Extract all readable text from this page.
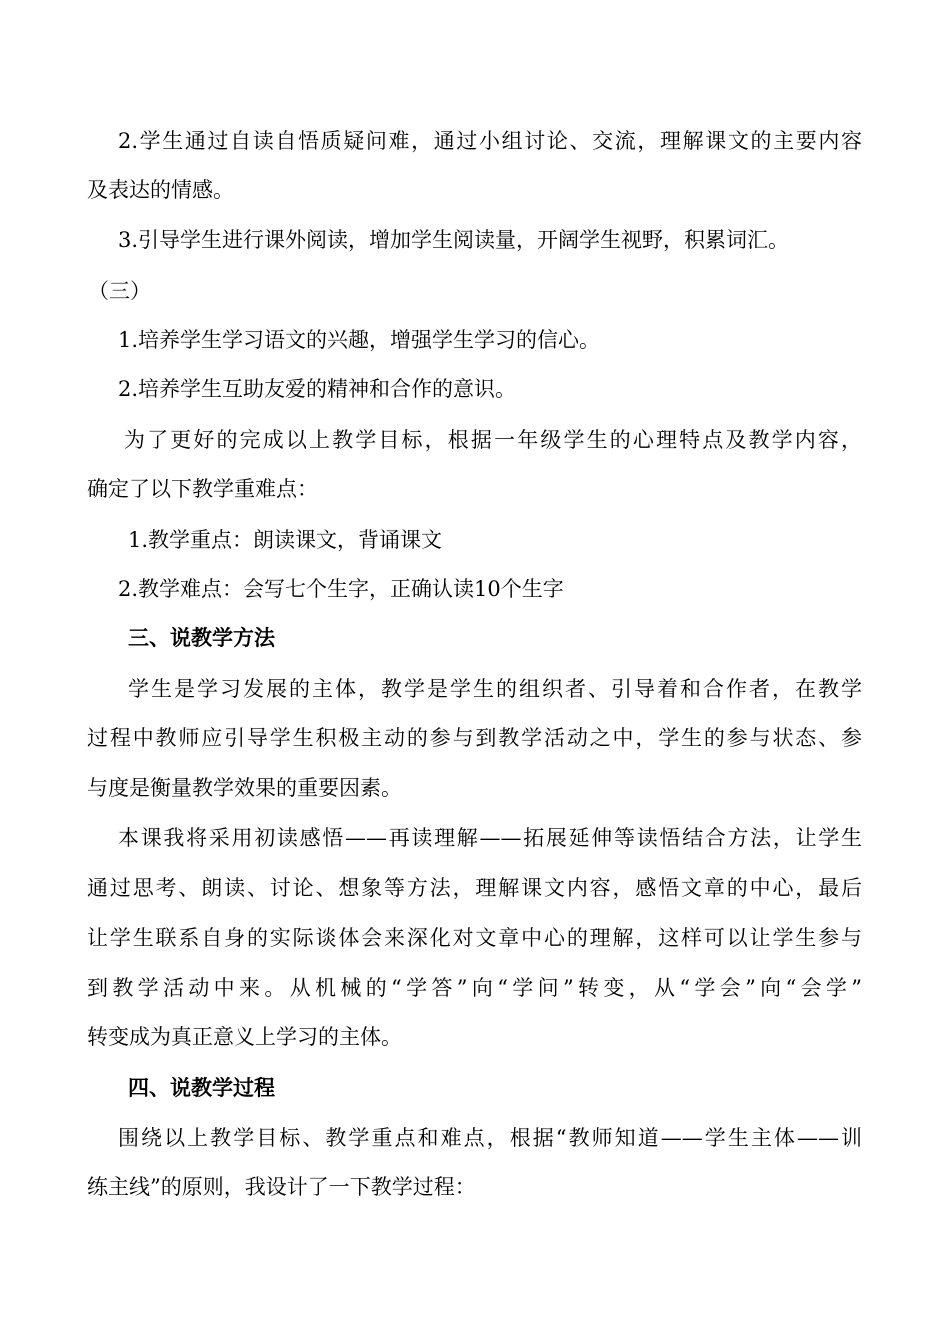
2.学生通过自读自悟质疑问难，通过小组讨论、交流，理解课文的主要内容
及表达的情感。
3.引导学生进行课外阅读，增加学生阅读量，开阔学生视野，积累词汇。
（三）
1.培养学生学习语文的兴趣，增强学生学习的信心。
2.培养学生互助友爱的精神和合作的意识。
为了更好的完成以上教学目标，根据一年级学生的心理特点及教学内容，
确定了以下教学重难点：
1.教学重点：朗读课文，背诵课文
2.教学难点：会写七个生字，正确认读10个生字
三、说教学方法
学生是学习发展的主体，教学是学生的组织者、引导着和合作者，在教学
过程中教师应引导学生积极主动的参与到教学活动之中，学生的参与状态、参
与度是衡量教学效果的重要因素。
本课我将采用初读感悟——再读理解——拓展延伸等读悟结合方法，让学生
通过思考、朗读、讨论、想象等方法，理解课文内容，感悟文章的中心，最后
让学生联系自身的实际谈体会来深化对文章中心的理解，这样可以让学生参与
到教学活动中来。从机械的“学答”向“学问”转变，从“学会”向“会学”
转变成为真正意义上学习的主体。
四、说教学过程
围绕以上教学目标、教学重点和难点，根据“教师知道——学生主体——训
练主线”的原则，我设计了一下教学过程：
